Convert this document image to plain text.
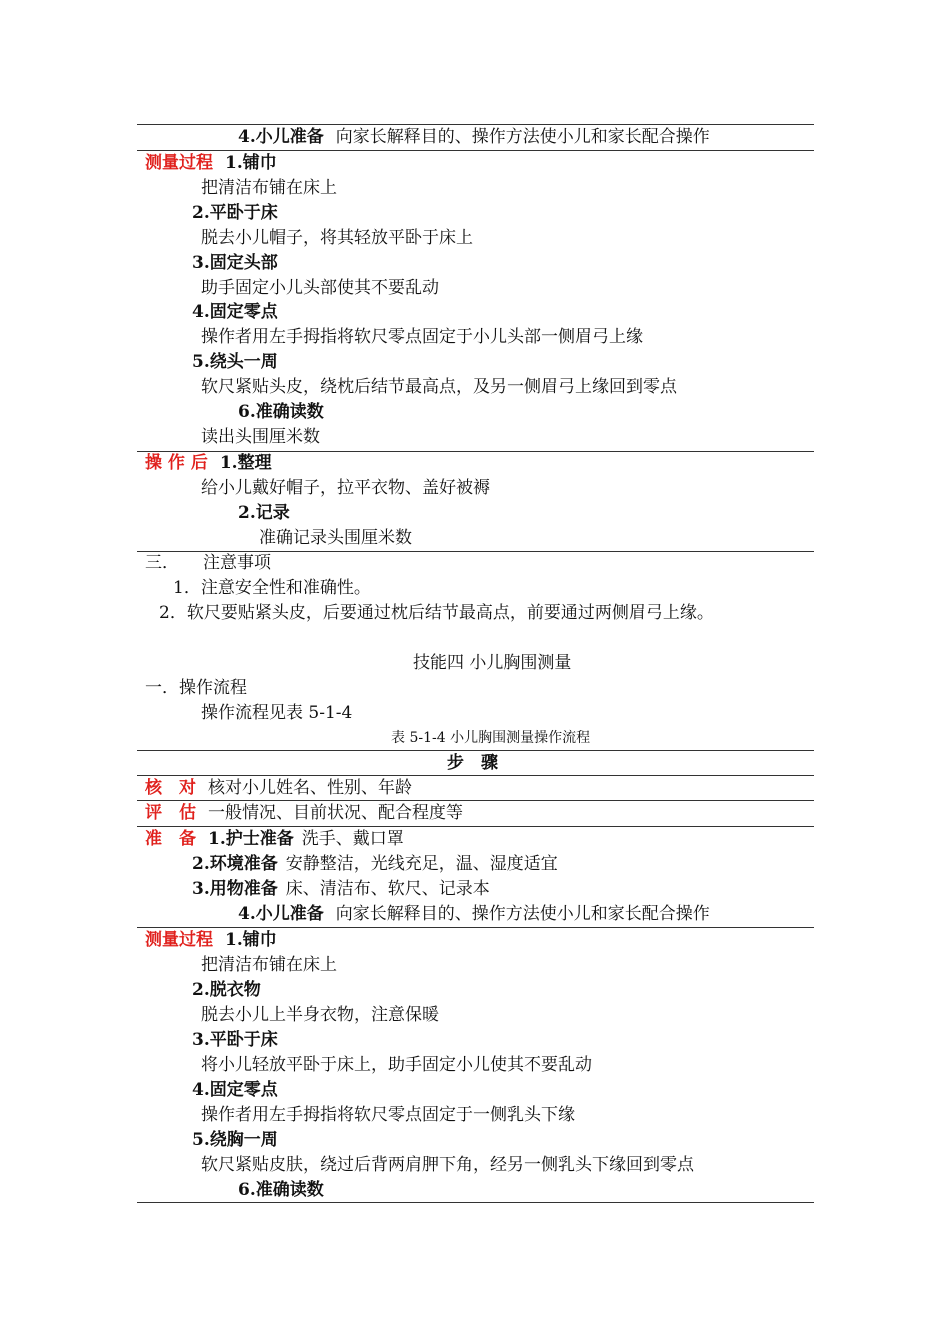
4.小儿准备 向家长解释目的、操作方法使小儿和家长配合操作
测量过程 1.铺巾
把清洁布铺在床上
2.平卧于床
脱去小儿帽子，将其轻放平卧于床上
3.固定头部
助手固定小儿头部使其不要乱动
4.固定零点
操作者用左手拇指将软尺零点固定于小儿头部一侧眉弓上缘
5.绕头一周
软尺紧贴头皮，绕枕后结节最高点，及另一侧眉弓上缘回到零点
6.准确读数
读出头围厘米数
操 作 后 1.整理
给小儿戴好帽子，拉平衣物、盖好被褥
2.记录
准确记录头围厘米数
三． 注意事项
1．注意安全性和准确性。
2．软尺要贴紧头皮，后要通过枕后结节最高点，前要通过两侧眉弓上缘。
技能四 小儿胸围测量
一．操作流程
操作流程见表 5-1-4
表 5-1-4 小儿胸围测量操作流程
步　骤
核　对 核对小儿姓名、性别、年龄
评　估 一般情况、目前状况、配合程度等
准　备 1.护士准备 洗手、戴口罩
2.环境准备 安静整洁，光线充足，温、湿度适宜
3.用物准备 床、清洁布、软尺、记录本
4.小儿准备 向家长解释目的、操作方法使小儿和家长配合操作
测量过程 1.铺巾
把清洁布铺在床上
2.脱衣物
脱去小儿上半身衣物，注意保暖
3.平卧于床
将小儿轻放平卧于床上，助手固定小儿使其不要乱动
4.固定零点
操作者用左手拇指将软尺零点固定于一侧乳头下缘
5.绕胸一周
软尺紧贴皮肤，绕过后背两肩胛下角，经另一侧乳头下缘回到零点
6.准确读数
